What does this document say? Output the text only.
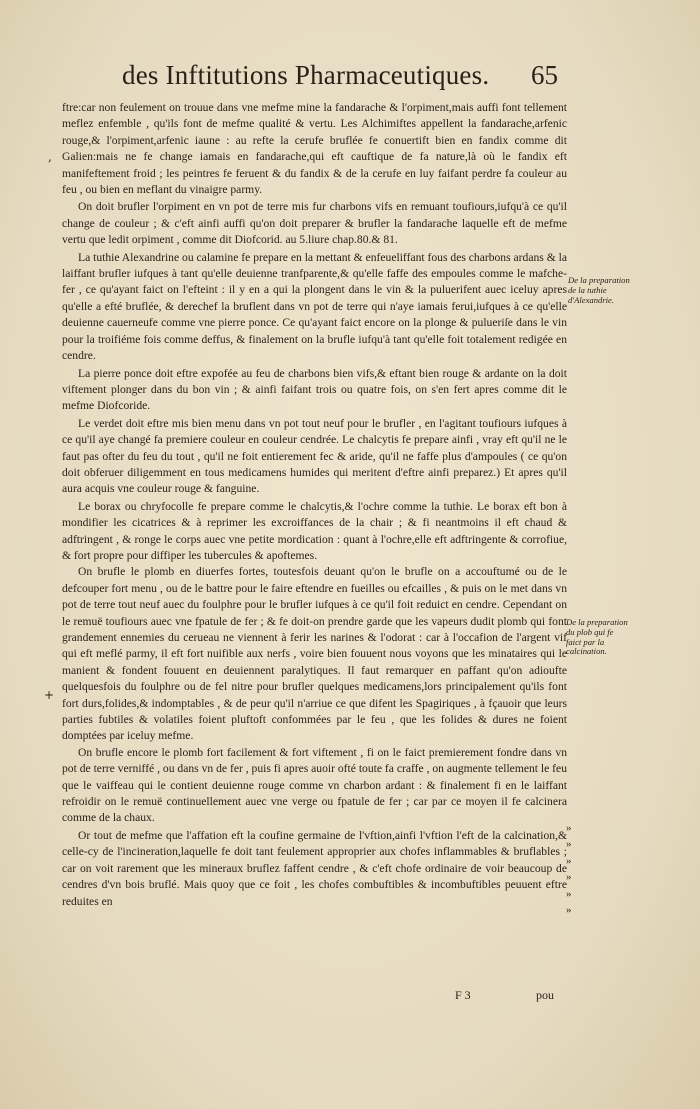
des Inftitutions Pharmaceutiques. 65
,
+

ftre:car non feulement on trouue dans vne mefme mine la fandarache & l'orpiment,mais auffi font tellement meflez enfemble , qu'ils font de mefme qualité & vertu. Les Alchimiftes appellent la fandarache,arfenic rouge,& l'orpiment,arfenic iaune : au refte la cerufe bruflée fe conuertift bien en fandix comme dit Galien:mais ne fe change iamais en fandarache,qui eft cauftique de fa nature,là où le fandix eft manifeftement froid ; les peintres fe feruent & du fandix & de la cerufe en luy faifant perdre fa couleur au feu , ou bien en meflant du vinaigre parmy.

On doit brufler l'orpiment en vn pot de terre mis fur charbons vifs en remuant toufiours,iufqu'à ce qu'il change de couleur ; & c'eft ainfi auffi qu'on doit preparer & brufler la fandarache laquelle eft de mefme vertu que ledit orpiment , comme dit Diofcorid. au 5.liure chap.80.& 81.

La tuthie Alexandrine ou calamine fe prepare en la mettant & enfeueliffant fous des charbons ardans & la laiffant brufler iufques à tant qu'elle deuienne tranfparente,& qu'elle faffe des empoules comme le mafche-fer , ce qu'ayant faict on l'efteint : il y en a qui la plongent dans le vin & la puluerifent auec iceluy apres qu'elle a efté bruflée, & derechef la bruflent dans vn pot de terre qui n'aye iamais ferui,iufques à ce qu'elle deuienne cauerneufe comme vne pierre ponce. Ce qu'ayant faict encore on la plonge & pulueriſe dans le vin pour la troifiéme fois comme deffus, & finalement on la brufle iufqu'à tant qu'elle foit totalement redigée en cendre.

La pierre ponce doit eftre expofée au feu de charbons bien vifs,& eftant bien rouge & ardante on la doit viftement plonger dans du bon vin ; & ainfi faifant trois ou quatre fois, on s'en fert apres comme dit le mefme Diofcoride.

Le verdet doit eftre mis bien menu dans vn pot tout neuf pour le brufler , en l'agitant toufiours iufques à ce qu'il aye changé fa premiere couleur en couleur cendrée. Le chalcytis fe prepare ainfi , vray eft qu'il ne le faut pas ofter du feu du tout , qu'il ne foit entierement fec & aride, qu'il ne faffe plus d'ampoules ( ce qu'on doit obferuer diligemment en tous medicamens humides qui meritent d'eftre ainfi preparez.) Et apres qu'il aura acquis vne couleur rouge & fanguine.

Le borax ou chryfocolle fe prepare comme le chalcytis,& l'ochre comme la tuthie. Le borax eft bon à mondifier les cicatrices & à reprimer les excroiffances de la chair ; & fi neantmoins il eft chaud & adftringent , & ronge le corps auec vne petite mordication : quant à l'ochre,elle eft adftringente & corrofiue, & fort propre pour diffiper les tubercules & apoftemes.

On brufle le plomb en diuerfes fortes, toutesfois deuant qu'on le brufle on a accouftumé ou de le defcouper fort menu , ou de le battre pour le faire eftendre en fueilles ou efcailles , & puis on le met dans vn pot de terre tout neuf auec du foulphre pour le brufler iufques à ce qu'il foit reduict en cendre. Cependant on le remuë toufiours auec vne fpatule de fer ; & fe doit-on prendre garde que les vapeurs dudit plomb qui font grandement ennemies du cerueau ne viennent à ferir les narines & l'odorat : car à l'occafion de l'argent vif qui eft meflé parmy, il eft fort nuifible aux nerfs , voire bien fouuent nous voyons que les minataires qui le manient & fondent fouuent en deuiennent paralytiques. Il faut remarquer en paffant qu'on adioufte quelquesfois du foulphre ou de fel nitre pour brufler quelques medicamens,lors principalement qu'ils font fort durs,folides,& indomptables , & de peur qu'il n'arriue ce que difent les Spagiriques , à fçauoir que leurs parties fubtiles & volatiles foient pluftoft confommées par le feu , que les folides & dures ne foient domptées par iceluy mefme.

On brufle encore le plomb fort facilement & fort viftement , fi on le faict premierement fondre dans vn pot de terre verniffé , ou dans vn de fer , puis fi apres auoir ofté toute fa craffe , on augmente tellement le feu que le vaiffeau qui le contient deuienne rouge comme vn charbon ardant : & finalement fi en le laiffant refroidir on le remuë continuellement auec vne verge ou fpatule de fer ; car par ce moyen il fe calcinera comme de la chaux.

Or tout de mefme que l'affation eft la coufine germaine de l'vftion,ainfi l'vftion l'eft de la calcination,& celle-cy de l'incineration,laquelle fe doit tant feulement approprier aux chofes inflammables & bruflables ; car on voit rarement que les mineraux bruflez faffent cendre , & c'eft chofe ordinaire de voir beaucoup de cendres d'vn bois bruflé. Mais quoy que ce foit , les chofes combuftibles & incombuftibles peuuent eftre reduites en

De la preparation de la tuthie d'Alexandrie.
De la preparation du plob qui fe faict par la calcination.
»
»
»
»
»
»
F 3	pou
